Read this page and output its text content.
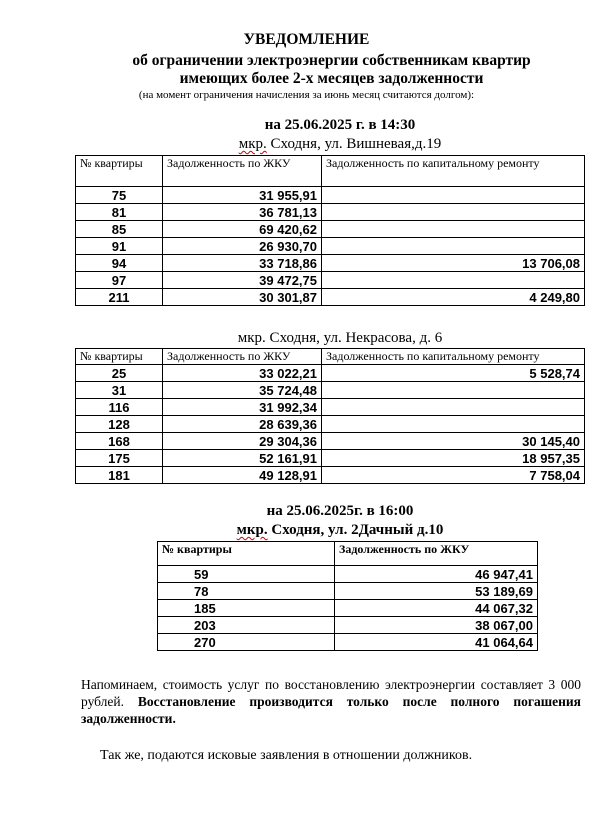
УВЕДОМЛЕНИЕ
об ограничении электроэнергии собственникам квартир
имеющих более 2-х месяцев задолженности
(на момент ограничения начисления за июнь месяц считаются долгом):
на 25.06.2025 г. в 14:30
мкр. Сходня, ул. Вишневая,д.19
№ квартиры	Задолженность по ЖКУ	Задолженность по капитальному ремонту
75	31 955,91	
81	36 781,13	
85	69 420,62	
91	26 930,70	
94	33 718,86	13 706,08
97	39 472,75	
211	30 301,87	4 249,80
мкр. Сходня, ул. Некрасова, д. 6
№ квартиры	Задолженность по ЖКУ	Задолженность по капитальному ремонту
25	33 022,21	5 528,74
31	35 724,48	
116	31 992,34	
128	28 639,36	
168	29 304,36	30 145,40
175	52 161,91	18 957,35
181	49 128,91	7 758,04
на 25.06.2025г. в 16:00
мкр. Сходня, ул. 2Дачный д.10
№ квартиры	Задолженность по ЖКУ
59	46 947,41
78	53 189,69
185	44 067,32
203	38 067,00
270	41 064,64
Напоминаем, стоимость услуг по восстановлению электроэнергии составляет 3 000 рублей. Восстановление производится только после полного погашения задолженности.
Так же, подаются исковые заявления в отношении должников.
